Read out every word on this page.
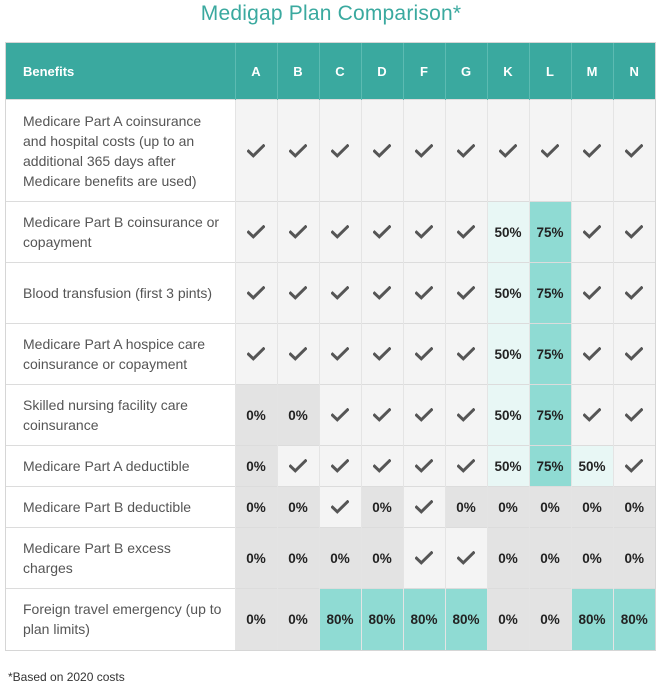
Medigap Plan Comparison*
Benefits	A	B	C	D	F	G	K	L	M	N
Medicare Part A coinsurance and hospital costs (up to an additional 365 days after Medicare benefits are used)	

Medicare Part B coinsurance or copayment							50%	75%	

Blood transfusion (first 3 pints)							50%	75%	

Medicare Part A hospice care coinsurance or copayment							50%	75%	

Skilled nursing facility care coinsurance	0%	0%					50%	75%	

Medicare Part A deductible	0%						50%	75%	50%	

Medicare Part B deductible	0%	0%		0%		0%	0%	0%	0%	0%
Medicare Part B excess charges	0%	0%	0%	0%			0%	0%	0%	0%
Foreign travel emergency (up to plan limits)	0%	0%	80%	80%	80%	80%	0%	0%	80%	80%
*Based on 2020 costs
